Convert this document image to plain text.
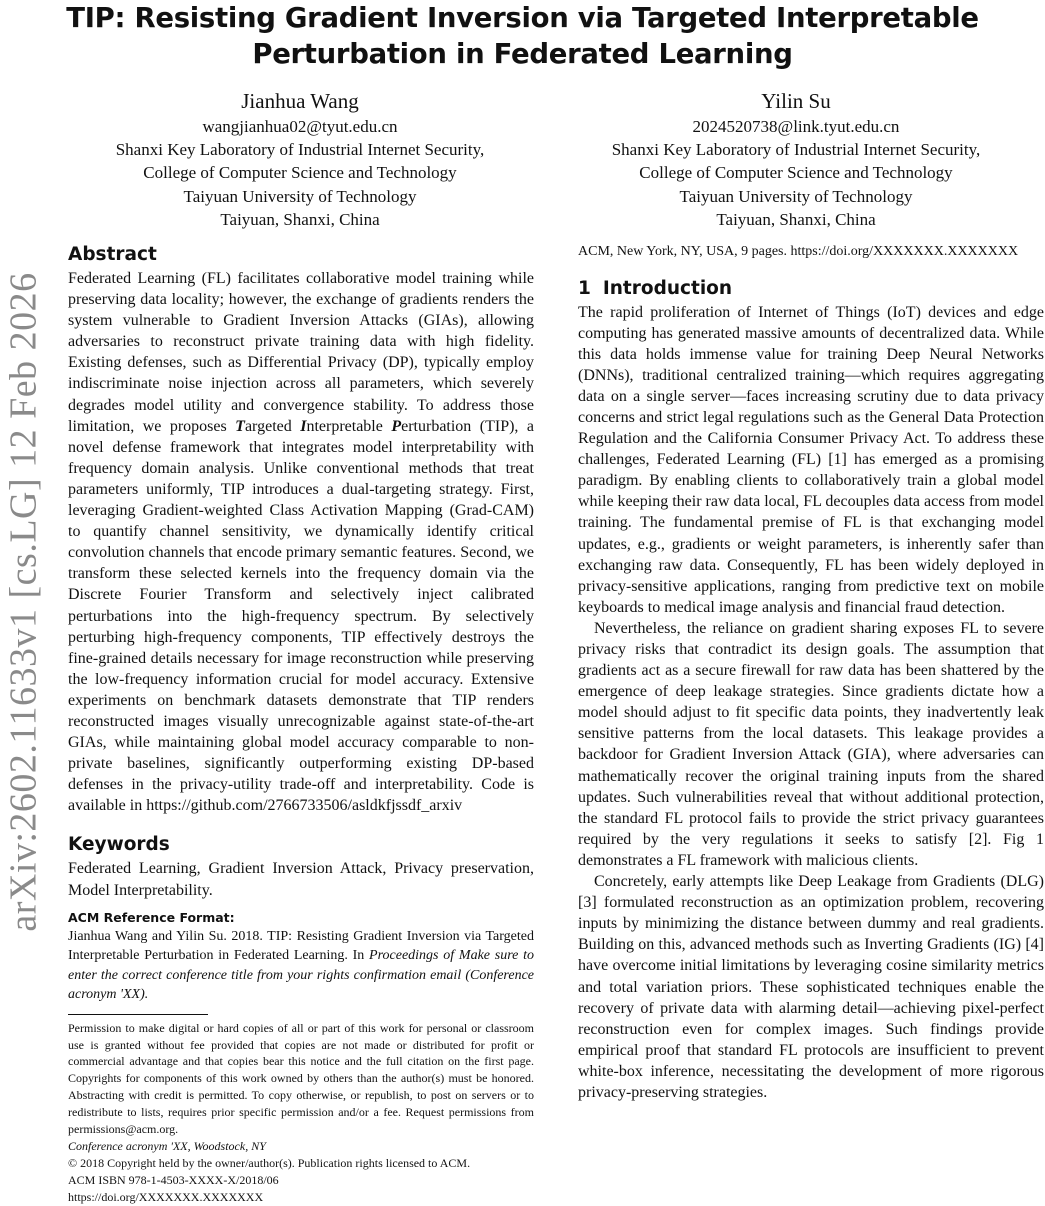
arXiv:2602.11633v1 [cs.LG] 12 Feb 2026
TIP: Resisting Gradient Inversion via Targeted Interpretable
Perturbation in Federated Learning
Jianhua Wang
wangjianhua02@tyut.edu.cn
Shanxi Key Laboratory of Industrial Internet Security,
College of Computer Science and Technology
Taiyuan University of Technology
Taiyuan, Shanxi, China
Yilin Su
2024520738@link.tyut.edu.cn
Shanxi Key Laboratory of Industrial Internet Security,
College of Computer Science and Technology
Taiyuan University of Technology
Taiyuan, Shanxi, China
Abstract

Federated Learning (FL) facilitates collaborative model training while preserving data locality; however, the exchange of gradients renders the system vulnerable to Gradient Inversion Attacks (GIAs), allowing adversaries to reconstruct private training data with high fidelity. Existing defenses, such as Differential Privacy (DP), typically employ indiscriminate noise injection across all parameters, which severely degrades model utility and convergence stability. To address those limitation, we proposes Targeted Interpretable Perturbation (TIP), a novel defense framework that integrates model interpretability with frequency domain analysis. Unlike conventional methods that treat parameters uniformly, TIP introduces a dual-targeting strategy. First, leveraging Gradient-weighted Class Activation Mapping (Grad-CAM) to quantify channel sensitivity, we dynamically identify critical convolution channels that encode primary semantic features. Second, we transform these selected kernels into the frequency domain via the Discrete Fourier Transform and selectively inject calibrated perturbations into the high-frequency spectrum. By selectively perturbing high-frequency components, TIP effectively destroys the fine-grained details necessary for image reconstruction while preserving the low-frequency information crucial for model accuracy. Extensive experiments on benchmark datasets demonstrate that TIP renders reconstructed images visually unrecognizable against state-of-the-art GIAs, while maintaining global model accuracy comparable to non-private baselines, significantly outperforming existing DP-based defenses in the privacy-utility trade-off and interpretability. Code is available in https://github.com/2766733506/asldkfjssdf_arxiv

Keywords

Federated Learning, Gradient Inversion Attack, Privacy preservation, Model Interpretability.

ACM Reference Format:

Jianhua Wang and Yilin Su. 2018. TIP: Resisting Gradient Inversion via Targeted Interpretable Perturbation in Federated Learning. In Proceedings of Make sure to enter the correct conference title from your rights confirmation email (Conference acronym 'XX).

Permission to make digital or hard copies of all or part of this work for personal or classroom use is granted without fee provided that copies are not made or distributed for profit or commercial advantage and that copies bear this notice and the full citation on the first page. Copyrights for components of this work owned by others than the author(s) must be honored. Abstracting with credit is permitted. To copy otherwise, or republish, to post on servers or to redistribute to lists, requires prior specific permission and/or a fee. Request permissions from permissions@acm.org.

Conference acronym 'XX, Woodstock, NY

© 2018 Copyright held by the owner/author(s). Publication rights licensed to ACM.

ACM ISBN 978-1-4503-XXXX-X/2018/06

https://doi.org/XXXXXXX.XXXXXXX

ACM, New York, NY, USA, 9 pages. https://doi.org/XXXXXXX.XXXXXXX

1 Introduction

The rapid proliferation of Internet of Things (IoT) devices and edge computing has generated massive amounts of decentralized data. While this data holds immense value for training Deep Neural Networks (DNNs), traditional centralized training—which requires aggregating data on a single server—faces increasing scrutiny due to data privacy concerns and strict legal regulations such as the General Data Protection Regulation and the California Consumer Privacy Act. To address these challenges, Federated Learning (FL) [1] has emerged as a promising paradigm. By enabling clients to collaboratively train a global model while keeping their raw data local, FL decouples data access from model training. The fundamental premise of FL is that exchanging model updates, e.g., gradients or weight parameters, is inherently safer than exchanging raw data. Consequently, FL has been widely deployed in privacy-sensitive applications, ranging from predictive text on mobile keyboards to medical image analysis and financial fraud detection.

Nevertheless, the reliance on gradient sharing exposes FL to severe privacy risks that contradict its design goals. The assumption that gradients act as a secure firewall for raw data has been shattered by the emergence of deep leakage strategies. Since gradients dictate how a model should adjust to fit specific data points, they inadvertently leak sensitive patterns from the local datasets. This leakage provides a backdoor for Gradient Inversion Attack (GIA), where adversaries can mathematically recover the original training inputs from the shared updates. Such vulnerabilities reveal that without additional protection, the standard FL protocol fails to provide the strict privacy guarantees required by the very regulations it seeks to satisfy [2]. Fig 1 demonstrates a FL framework with malicious clients.

Concretely, early attempts like Deep Leakage from Gradients (DLG) [3] formulated reconstruction as an optimization problem, recovering inputs by minimizing the distance between dummy and real gradients. Building on this, advanced methods such as Inverting Gradients (IG) [4] have overcome initial limitations by leveraging cosine similarity metrics and total variation priors. These sophisticated techniques enable the recovery of private data with alarming detail—achieving pixel-perfect reconstruction even for complex images. Such findings provide empirical proof that standard FL protocols are insufficient to prevent white-box inference, necessitating the development of more rigorous privacy-preserving strategies.
